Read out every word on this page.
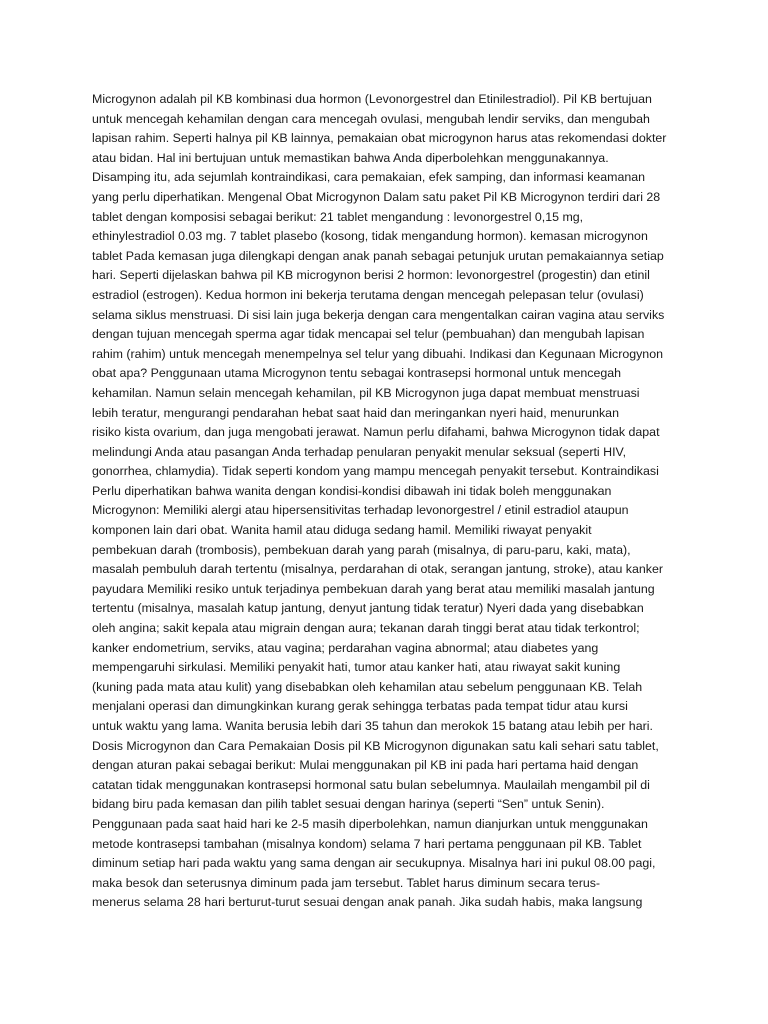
Microgynon adalah pil KB kombinasi dua hormon (Levonorgestrel dan Etinilestradiol). Pil KB bertujuan
untuk mencegah kehamilan dengan cara mencegah ovulasi, mengubah lendir serviks, dan mengubah
lapisan rahim. Seperti halnya pil KB lainnya, pemakaian obat microgynon harus atas rekomendasi dokter
atau bidan. Hal ini bertujuan untuk memastikan bahwa Anda diperbolehkan menggunakannya.
Disamping itu, ada sejumlah kontraindikasi, cara pemakaian, efek samping, dan informasi keamanan
yang perlu diperhatikan. Mengenal Obat Microgynon Dalam satu paket Pil KB Microgynon terdiri dari 28
tablet dengan komposisi sebagai berikut: 21 tablet mengandung : levonorgestrel 0,15 mg,
ethinylestradiol 0.03 mg. 7 tablet plasebo (kosong, tidak mengandung hormon). kemasan microgynon
tablet Pada kemasan juga dilengkapi dengan anak panah sebagai petunjuk urutan pemakaiannya setiap
hari. Seperti dijelaskan bahwa pil KB microgynon berisi 2 hormon: levonorgestrel (progestin) dan etinil
estradiol (estrogen). Kedua hormon ini bekerja terutama dengan mencegah pelepasan telur (ovulasi)
selama siklus menstruasi. Di sisi lain juga bekerja dengan cara mengentalkan cairan vagina atau serviks
dengan tujuan mencegah sperma agar tidak mencapai sel telur (pembuahan) dan mengubah lapisan
rahim (rahim) untuk mencegah menempelnya sel telur yang dibuahi. Indikasi dan Kegunaan Microgynon
obat apa? Penggunaan utama Microgynon tentu sebagai kontrasepsi hormonal untuk mencegah
kehamilan. Namun selain mencegah kehamilan, pil KB Microgynon juga dapat membuat menstruasi
lebih teratur, mengurangi pendarahan hebat saat haid dan meringankan nyeri haid, menurunkan
risiko kista ovarium, dan juga mengobati jerawat. Namun perlu difahami, bahwa Microgynon tidak dapat
melindungi Anda atau pasangan Anda terhadap penularan penyakit menular seksual (seperti HIV,
gonorrhea, chlamydia). Tidak seperti kondom yang mampu mencegah penyakit tersebut. Kontraindikasi
Perlu diperhatikan bahwa wanita dengan kondisi-kondisi dibawah ini tidak boleh menggunakan
Microgynon: Memiliki alergi atau hipersensitivitas terhadap levonorgestrel / etinil estradiol ataupun
komponen lain dari obat. Wanita hamil atau diduga sedang hamil. Memiliki riwayat penyakit
pembekuan darah (trombosis), pembekuan darah yang parah (misalnya, di paru-paru, kaki, mata),
masalah pembuluh darah tertentu (misalnya, perdarahan di otak, serangan jantung, stroke), atau kanker
payudara Memiliki resiko untuk terjadinya pembekuan darah yang berat atau memiliki masalah jantung
tertentu (misalnya, masalah katup jantung, denyut jantung tidak teratur) Nyeri dada yang disebabkan
oleh angina; sakit kepala atau migrain dengan aura; tekanan darah tinggi berat atau tidak terkontrol;
kanker endometrium, serviks, atau vagina; perdarahan vagina abnormal; atau diabetes yang
mempengaruhi sirkulasi. Memiliki penyakit hati, tumor atau kanker hati, atau riwayat sakit kuning
(kuning pada mata atau kulit) yang disebabkan oleh kehamilan atau sebelum penggunaan KB. Telah
menjalani operasi dan dimungkinkan kurang gerak sehingga terbatas pada tempat tidur atau kursi
untuk waktu yang lama. Wanita berusia lebih dari 35 tahun dan merokok 15 batang atau lebih per hari.
Dosis Microgynon dan Cara Pemakaian Dosis pil KB Microgynon digunakan satu kali sehari satu tablet,
dengan aturan pakai sebagai berikut: Mulai menggunakan pil KB ini pada hari pertama haid dengan
catatan tidak menggunakan kontrasepsi hormonal satu bulan sebelumnya. Maulailah mengambil pil di
bidang biru pada kemasan dan pilih tablet sesuai dengan harinya (seperti “Sen” untuk Senin).
Penggunaan pada saat haid hari ke 2-5 masih diperbolehkan, namun dianjurkan untuk menggunakan
metode kontrasepsi tambahan (misalnya kondom) selama 7 hari pertama penggunaan pil KB. Tablet
diminum setiap hari pada waktu yang sama dengan air secukupnya. Misalnya hari ini pukul 08.00 pagi,
maka besok dan seterusnya diminum pada jam tersebut. Tablet harus diminum secara terus-
menerus selama 28 hari berturut-turut sesuai dengan anak panah. Jika sudah habis, maka langsung
